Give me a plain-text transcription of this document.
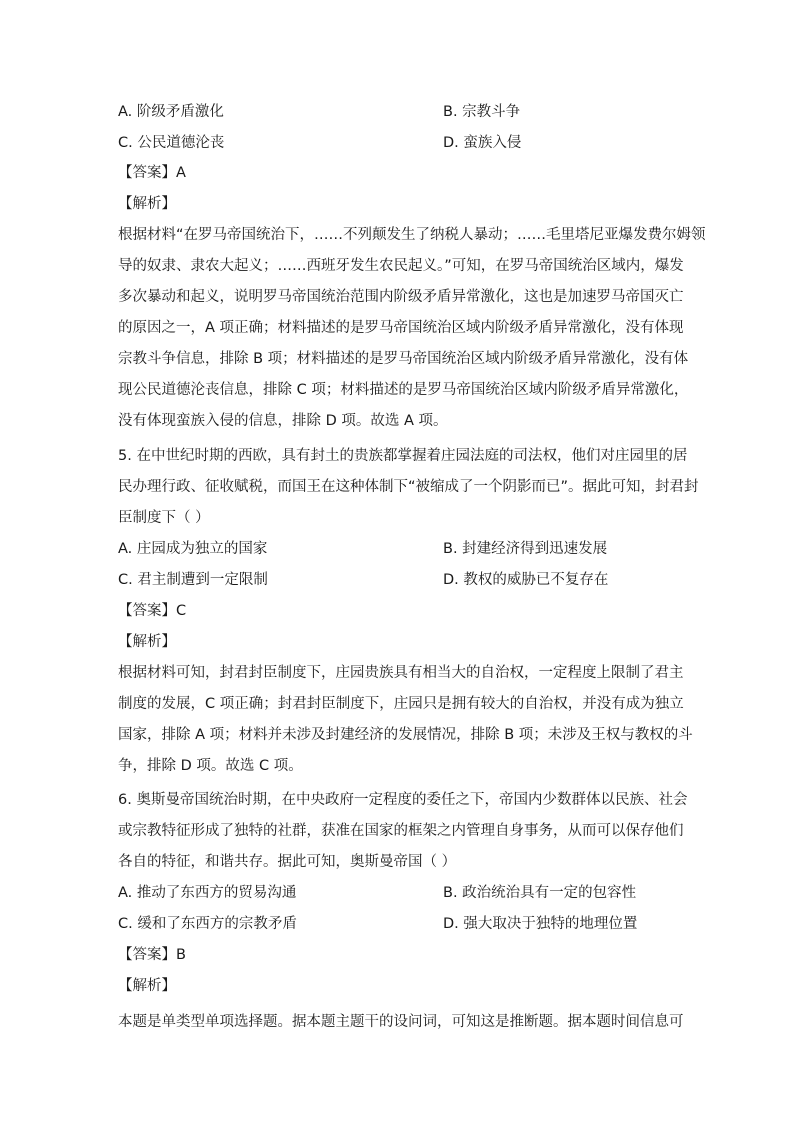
A. 阶级矛盾激化	B. 宗教斗争
C. 公民道德沦丧	D. 蛮族入侵
【答案】A
【解析】
根据材料“在罗马帝国统治下，……不列颠发生了纳税人暴动；……毛里塔尼亚爆发费尔姆领
导的奴隶、隶农大起义；……西班牙发生农民起义。”可知，在罗马帝国统治区域内，爆发
多次暴动和起义，说明罗马帝国统治范围内阶级矛盾异常激化，这也是加速罗马帝国灭亡
的原因之一，A 项正确；材料描述的是罗马帝国统治区域内阶级矛盾异常激化，没有体现
宗教斗争信息，排除 B 项；材料描述的是罗马帝国统治区域内阶级矛盾异常激化，没有体
现公民道德沦丧信息，排除 C 项；材料描述的是罗马帝国统治区域内阶级矛盾异常激化，
没有体现蛮族入侵的信息，排除 D 项。故选 A 项。
5. 在中世纪时期的西欧，具有封土的贵族都掌握着庄园法庭的司法权，他们对庄园里的居
民办理行政、征收赋税，而国王在这种体制下“被缩成了一个阴影而已”。据此可知，封君封
臣制度下（ ）
A. 庄园成为独立的国家	B. 封建经济得到迅速发展
C. 君主制遭到一定限制	D. 教权的威胁已不复存在
【答案】C
【解析】
根据材料可知，封君封臣制度下，庄园贵族具有相当大的自治权，一定程度上限制了君主
制度的发展，C 项正确；封君封臣制度下，庄园只是拥有较大的自治权，并没有成为独立
国家，排除 A 项；材料并未涉及封建经济的发展情况，排除 B 项；未涉及王权与教权的斗
争，排除 D 项。故选 C 项。
6. 奥斯曼帝国统治时期，在中央政府一定程度的委任之下，帝国内少数群体以民族、社会
或宗教特征形成了独特的社群，获准在国家的框架之内管理自身事务，从而可以保存他们
各自的特征，和谐共存。据此可知，奥斯曼帝国（ ）
A. 推动了东西方的贸易沟通	B. 政治统治具有一定的包容性
C. 缓和了东西方的宗教矛盾	D. 强大取决于独特的地理位置
【答案】B
【解析】
本题是单类型单项选择题。据本题主题干的设问词，可知这是推断题。据本题时间信息可
